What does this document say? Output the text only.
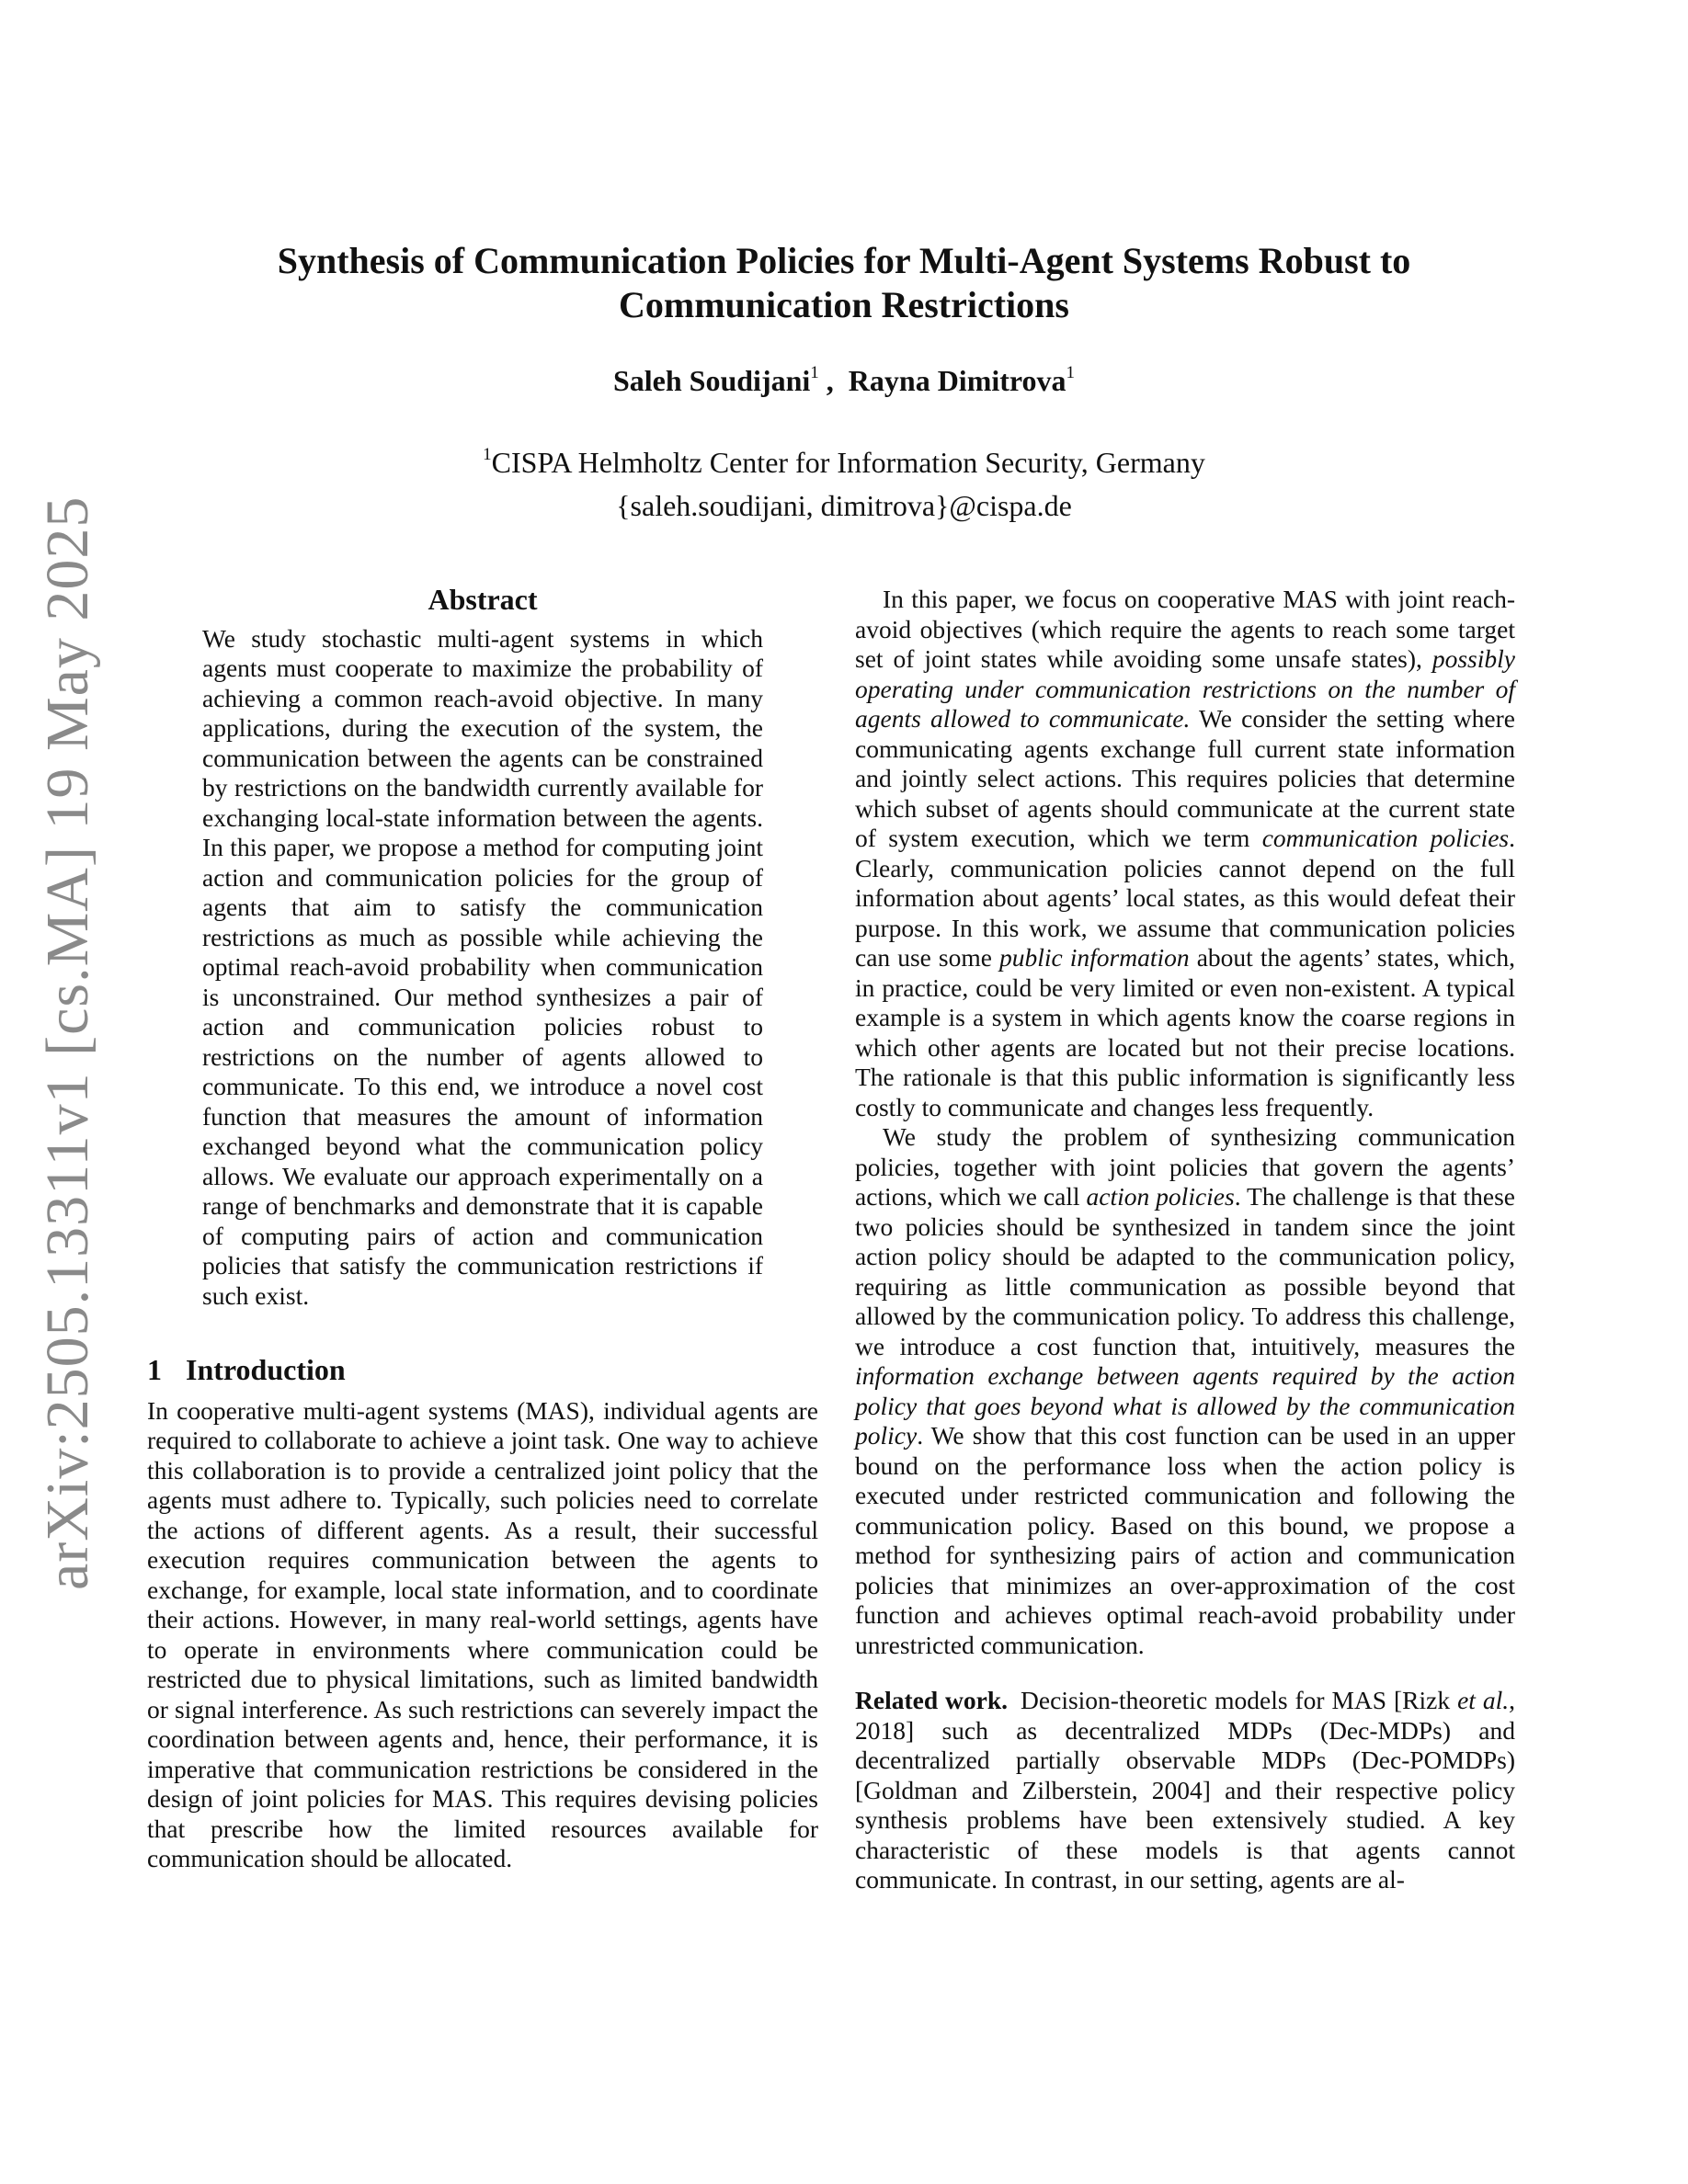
arXiv:2505.13311v1 [cs.MA] 19 May 2025
Synthesis of Communication Policies for Multi-Agent Systems Robust to
Communication Restrictions
Saleh Soudijani$^1$ ,  Rayna Dimitrova$^1$
$^1$CISPA Helmholtz Center for Information Security, Germany
{saleh.soudijani, dimitrova}@cispa.de
Abstract

We study stochastic multi-agent systems in which agents must cooperate to maximize the probability of achieving a common reach-avoid objective. In many applications, during the execution of the system, the communication between the agents can be constrained by restrictions on the bandwidth currently available for exchanging local-state information between the agents. In this paper, we propose a method for computing joint action and communication policies for the group of agents that aim to satisfy the communication restrictions as much as possible while achieving the optimal reach-avoid probability when communication is unconstrained. Our method synthesizes a pair of action and communication policies robust to restrictions on the number of agents allowed to communicate. To this end, we introduce a novel cost function that measures the amount of information exchanged beyond what the communication policy allows. We evaluate our approach experimentally on a range of benchmarks and demonstrate that it is capable of computing pairs of action and communication policies that satisfy the communication restrictions if such exist.

1 Introduction

In cooperative multi-agent systems (MAS), individual agents are required to collaborate to achieve a joint task. One way to achieve this collaboration is to provide a centralized joint policy that the agents must adhere to. Typically, such policies need to correlate the actions of different agents. As a result, their successful execution requires communication between the agents to exchange, for example, local state information, and to coordinate their actions. However, in many real-world settings, agents have to operate in environments where communication could be restricted due to physical limitations, such as limited bandwidth or signal interference. As such restrictions can severely impact the coordination between agents and, hence, their performance, it is imperative that communication restrictions be considered in the design of joint policies for MAS. This requires devising policies that prescribe how the limited resources available for communication should be allocated.

In this paper, we focus on cooperative MAS with joint reach-avoid objectives (which require the agents to reach some target set of joint states while avoiding some unsafe states), possibly operating under communication restrictions on the number of agents allowed to communicate. We consider the setting where communicating agents exchange full current state information and jointly select actions. This requires policies that determine which subset of agents should communicate at the current state of system execution, which we term communication policies. Clearly, communication policies cannot depend on the full information about agents’ local states, as this would defeat their purpose. In this work, we assume that communication policies can use some public information about the agents’ states, which, in practice, could be very limited or even non-existent. A typical example is a system in which agents know the coarse regions in which other agents are located but not their precise locations. The rationale is that this public information is significantly less costly to communicate and changes less frequently.

We study the problem of synthesizing communication policies, together with joint policies that govern the agents’ actions, which we call action policies. The challenge is that these two policies should be synthesized in tandem since the joint action policy should be adapted to the communication policy, requiring as little communication as possible beyond that allowed by the communication policy. To address this challenge, we introduce a cost function that, intuitively, measures the information exchange between agents required by the action policy that goes beyond what is allowed by the communication policy. We show that this cost function can be used in an upper bound on the performance loss when the action policy is executed under restricted communication and following the communication policy. Based on this bound, we propose a method for synthesizing pairs of action and communication policies that minimizes an over-approximation of the cost function and achieves optimal reach-avoid probability under unrestricted communication.

Related work. Decision-theoretic models for MAS [Rizk et al., 2018] such as decentralized MDPs (Dec-MDPs) and decentralized partially observable MDPs (Dec-POMDPs) [Goldman and Zilberstein, 2004] and their respective policy synthesis problems have been extensively studied. A key characteristic of these models is that agents cannot communicate. In contrast, in our setting, agents are al-
